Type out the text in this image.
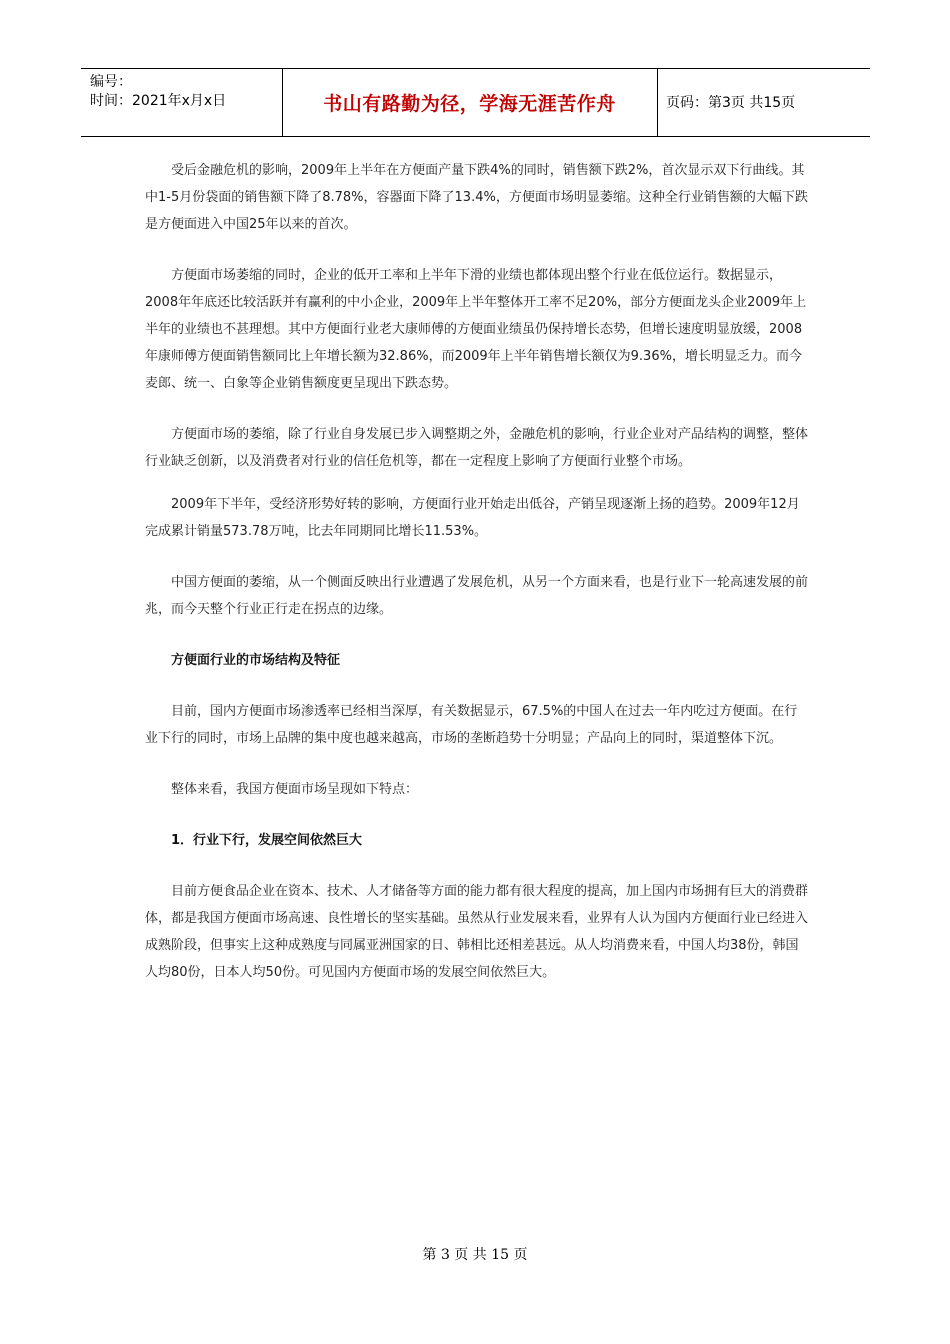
编号：
时间：2021年x月x日	书山有路勤为径，学海无涯苦作舟	页码：第3页 共15页

受后金融危机的影响，2009年上半年在方便面产量下跌4%的同时，销售额下跌2%，首次显示双下行曲线。其中1-5月份袋面的销售额下降了8.78%，容器面下降了13.4%，方便面市场明显萎缩。这种全行业销售额的大幅下跌是方便面进入中国25年以来的首次。

方便面市场萎缩的同时，企业的低开工率和上半年下滑的业绩也都体现出整个行业在低位运行。数据显示，2008年年底还比较活跃并有赢利的中小企业，2009年上半年整体开工率不足20%，部分方便面龙头企业2009年上半年的业绩也不甚理想。其中方便面行业老大康师傅的方便面业绩虽仍保持增长态势，但增长速度明显放缓，2008年康师傅方便面销售额同比上年增长额为32.86%，而2009年上半年销售增长额仅为9.36%，增长明显乏力。而今麦郎、统一、白象等企业销售额度更呈现出下跌态势。

方便面市场的萎缩，除了行业自身发展已步入调整期之外，金融危机的影响，行业企业对产品结构的调整，整体行业缺乏创新，以及消费者对行业的信任危机等，都在一定程度上影响了方便面行业整个市场。

2009年下半年，受经济形势好转的影响，方便面行业开始走出低谷，产销呈现逐渐上扬的趋势。2009年12月完成累计销量573.78万吨，比去年同期同比增长11.53%。

中国方便面的萎缩，从一个侧面反映出行业遭遇了发展危机，从另一个方面来看，也是行业下一轮高速发展的前兆，而今天整个行业正行走在拐点的边缘。

方便面行业的市场结构及特征

目前，国内方便面市场渗透率已经相当深厚，有关数据显示，67.5%的中国人在过去一年内吃过方便面。在行业下行的同时，市场上品牌的集中度也越来越高，市场的垄断趋势十分明显；产品向上的同时，渠道整体下沉。

整体来看，我国方便面市场呈现如下特点：

1．行业下行，发展空间依然巨大

目前方便食品企业在资本、技术、人才储备等方面的能力都有很大程度的提高，加上国内市场拥有巨大的消费群体，都是我国方便面市场高速、良性增长的坚实基础。虽然从行业发展来看，业界有人认为国内方便面行业已经进入成熟阶段，但事实上这种成熟度与同属亚洲国家的日、韩相比还相差甚远。从人均消费来看，中国人均38份，韩国人均80份，日本人均50份。可见国内方便面市场的发展空间依然巨大。

第 3 页 共 15 页
